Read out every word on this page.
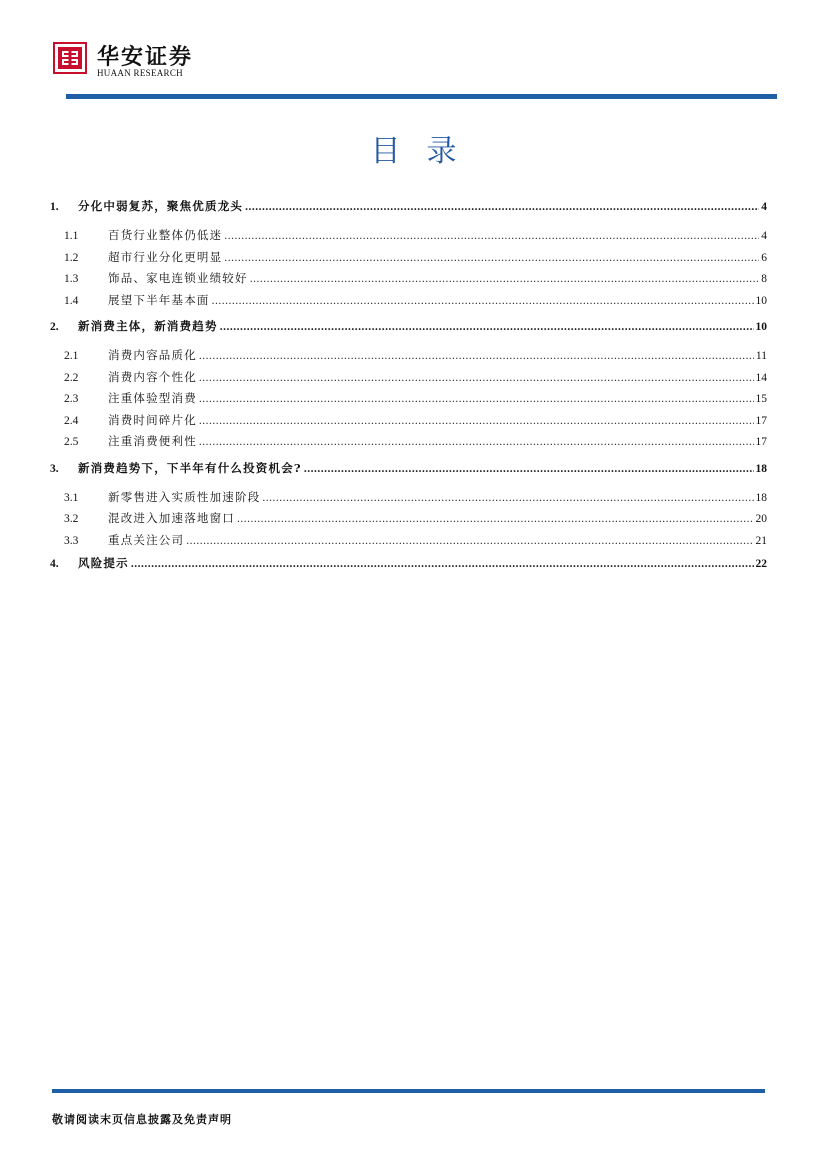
华安证券
HUAAN RESEARCH
目录
1.	分化中弱复苏，聚焦优质龙头 .....	4
1.1	百货行业整体仍低迷 .....	4
1.2	超市行业分化更明显 .....	6
1.3	饰品、家电连锁业绩较好 .....	8
1.4	展望下半年基本面 .....	10
2.	新消费主体，新消费趋势 .....	10
2.1	消费内容品质化 .....	11
2.2	消费内容个性化 .....	14
2.3	注重体验型消费 .....	15
2.4	消费时间碎片化 .....	17
2.5	注重消费便利性 .....	17
3.	新消费趋势下，下半年有什么投资机会? .....	18
3.1	新零售进入实质性加速阶段 .....	18
3.2	混改进入加速落地窗口 .....	20
3.3	重点关注公司 .....	21
4.	风险提示 .....	22
敬请阅读末页信息披露及免责声明
